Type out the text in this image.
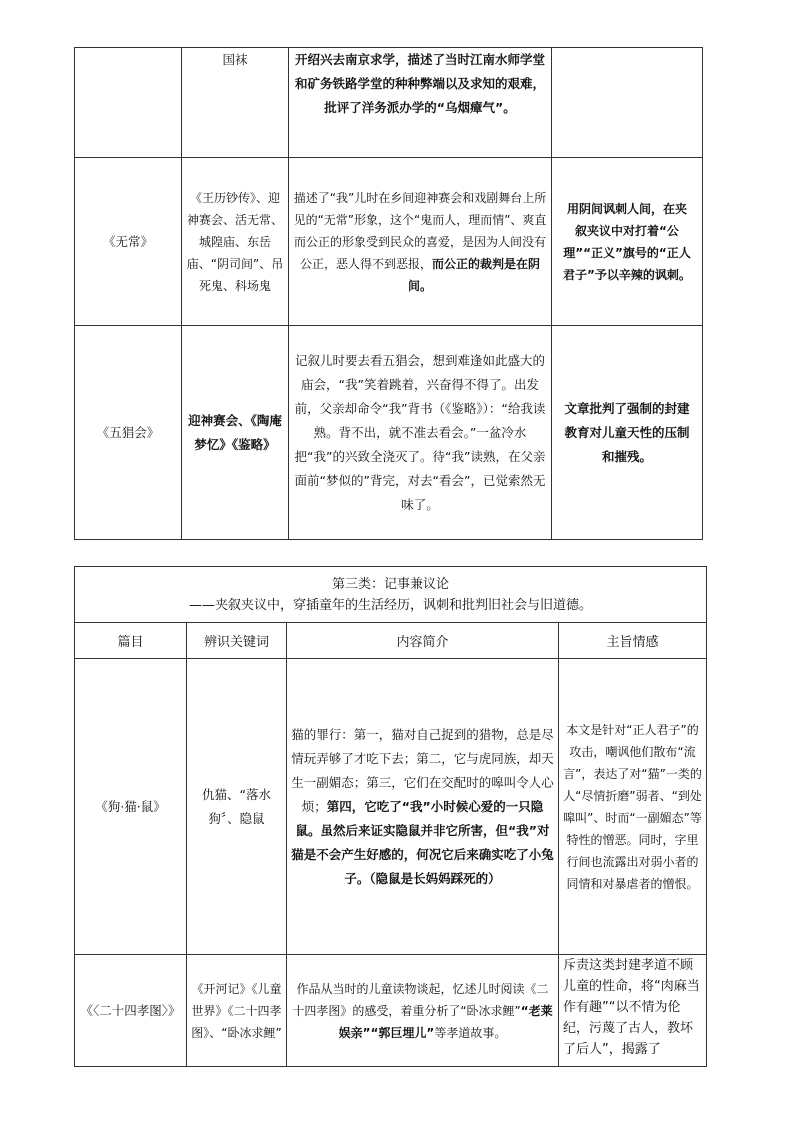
	国袜	开绍兴去南京求学，描述了当时江南水师学堂和矿务铁路学堂的种种弊端以及求知的艰难，批评了洋务派办学的“乌烟瘴气”。	

《无常》	《王历钞传》、迎神赛会、活无常、城隍庙、东岳庙、“阴司间”、吊死鬼、科场鬼	描述了“我”儿时在乡间迎神赛会和戏剧舞台上所见的“无常”形象，这个“鬼而人，理而情”、爽直而公正的形象受到民众的喜爱，是因为人间没有公正，恶人得不到恶报，而公正的裁判是在阴间。	用阴间讽刺人间，在夹叙夹议中对打着“公理”“正义”旗号的“正人君子”予以辛辣的讽刺。

《五猖会》	迎神赛会、《陶庵梦忆》《鉴略》	记叙儿时要去看五猖会，想到难逢如此盛大的庙会，“我”笑着跳着，兴奋得不得了。出发前，父亲却命令“我”背书（《鉴略》）：“给我读熟。背不出，就不准去看会。”一盆冷水把“我”的兴致全浇灭了。待“我”读熟，在父亲面前“梦似的”背完，对去“看会”，已觉索然无味了。	文章批判了强制的封建教育对儿童天性的压制和摧残。
第三类：记事兼议论
——夹叙夹议中，穿插童年的生活经历，讽刺和批判旧社会与旧道德。			

篇目	辨识关键词	内容简介	主旨情感
《狗·猫·鼠》	仇猫、“落水狗〞、隐鼠	猫的罪行：第一，猫对自己捉到的猎物，总是尽情玩弄够了才吃下去；第二，它与虎同族，却天生一副媚态；第三，它们在交配时的嗥叫令人心烦；第四，它吃了“我”小时候心爱的一只隐鼠。虽然后来证实隐鼠并非它所害，但“我”对猫是不会产生好感的，何况它后来确实吃了小兔子。（隐鼠是长妈妈踩死的）	本文是针对“正人君子”的攻击，嘲讽他们散布“流言”，表达了对“猫”一类的人“尽情折磨”弱者、“到处嗥叫”、时而“一副媚态”等特性的憎恶。同时，字里行间也流露出对弱小者的同情和对暴虐者的憎恨。

《〈二十四孝图〉》	《开河记》《儿童世界》《二十四孝图》、“卧冰求鲤”	作品从当时的儿童读物谈起，忆述儿时阅读《二十四孝图》的感受，着重分析了“卧冰求鲤”“老莱娱亲”“郭巨埋儿”等孝道故事。	斥责这类封建孝道不顾儿童的性命，将“肉麻当作有趣”“以不情为伦纪，污蔑了古人，教坏了后人”，揭露了
